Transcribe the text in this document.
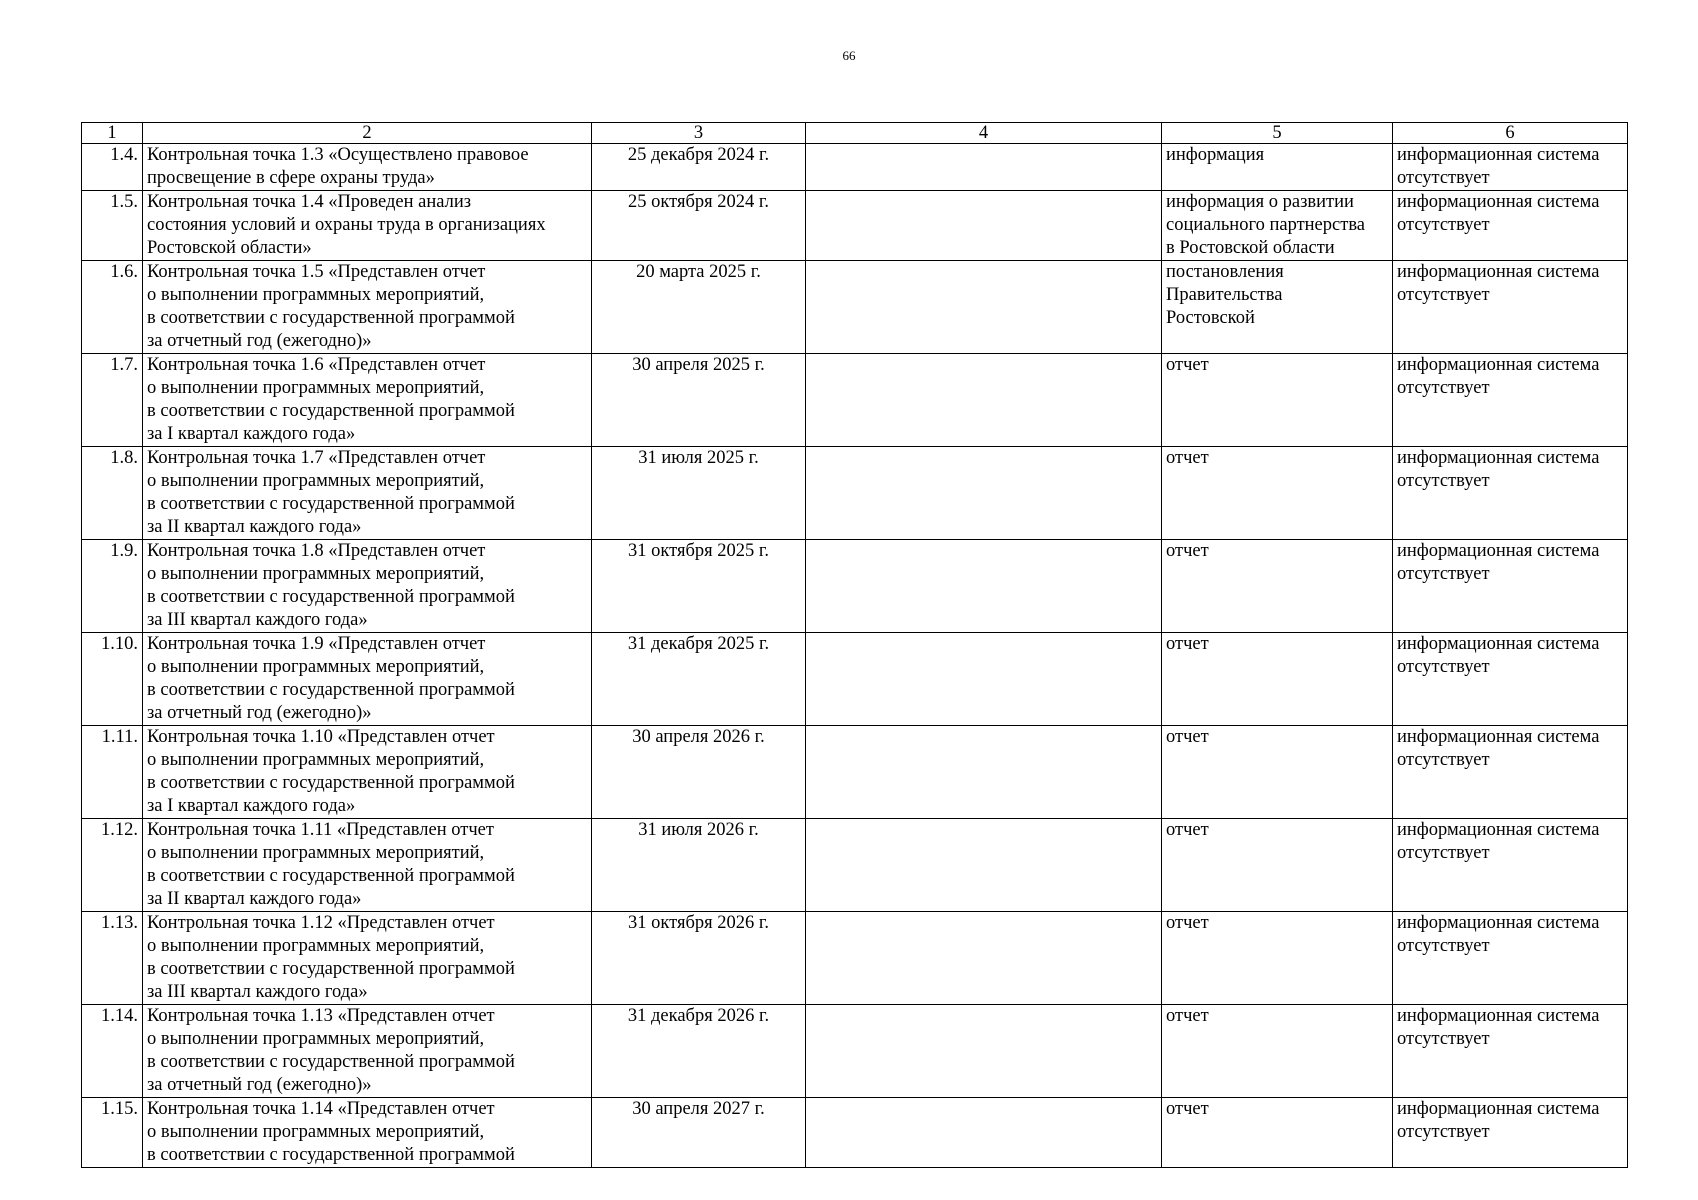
66
1	2	3	4	5	6
1.4.	Контрольная точка 1.3 «Осуществлено правовое
просвещение в сфере охраны труда»	25 декабря 2024 г.		информация	информационная система
отсутствует

1.5.	Контрольная точка 1.4 «Проведен анализ
состояния условий и охраны труда в организациях
Ростовской области»	25 октября 2024 г.		информация о развитии
социального партнерства
в Ростовской области	информационная система
отсутствует

1.6.	Контрольная точка 1.5 «Представлен отчет
о выполнении программных мероприятий,
в соответствии с государственной программой
за отчетный год (ежегодно)»	20 марта 2025 г.		постановления
Правительства
Ростовской	информационная система
отсутствует

1.7.	Контрольная точка 1.6 «Представлен отчет
о выполнении программных мероприятий,
в соответствии с государственной программой
за I квартал каждого года»	30 апреля 2025 г.		отчет	информационная система
отсутствует

1.8.	Контрольная точка 1.7 «Представлен отчет
о выполнении программных мероприятий,
в соответствии с государственной программой
за II квартал каждого года»	31 июля 2025 г.		отчет	информационная система
отсутствует

1.9.	Контрольная точка 1.8 «Представлен отчет
о выполнении программных мероприятий,
в соответствии с государственной программой
за III квартал каждого года»	31 октября 2025 г.		отчет	информационная система
отсутствует

1.10.	Контрольная точка 1.9 «Представлен отчет
о выполнении программных мероприятий,
в соответствии с государственной программой
за отчетный год (ежегодно)»	31 декабря 2025 г.		отчет	информационная система
отсутствует

1.11.	Контрольная точка 1.10 «Представлен отчет
о выполнении программных мероприятий,
в соответствии с государственной программой
за I квартал каждого года»	30 апреля 2026 г.		отчет	информационная система
отсутствует

1.12.	Контрольная точка 1.11 «Представлен отчет
о выполнении программных мероприятий,
в соответствии с государственной программой
за II квартал каждого года»	31 июля 2026 г.		отчет	информационная система
отсутствует

1.13.	Контрольная точка 1.12 «Представлен отчет
о выполнении программных мероприятий,
в соответствии с государственной программой
за III квартал каждого года»	31 октября 2026 г.		отчет	информационная система
отсутствует

1.14.	Контрольная точка 1.13 «Представлен отчет
о выполнении программных мероприятий,
в соответствии с государственной программой
за отчетный год (ежегодно)»	31 декабря 2026 г.		отчет	информационная система
отсутствует

1.15.	Контрольная точка 1.14 «Представлен отчет
о выполнении программных мероприятий,
в соответствии с государственной программой	30 апреля 2027 г.		отчет	информационная система
отсутствует
